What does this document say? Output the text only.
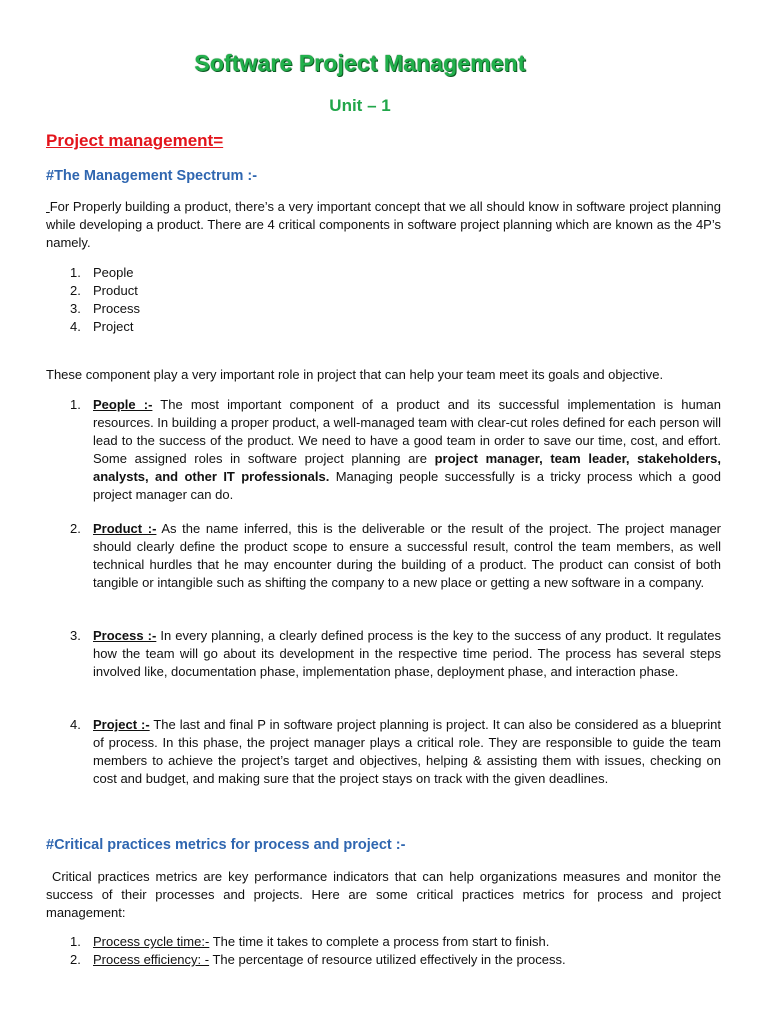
Software Project Management
Unit – 1
Project management=
#The Management Spectrum :-

For Properly building a product, there’s a very important concept that we all should know in software project planning while developing a product. There are 4 critical components in software project planning which are known as the 4P’s namely.

1. People
2. Product
3. Process
4. Project

These component play a very important role in project that can help your team meet its goals and objective.

1. People :- The most important component of a product and its successful implementation is human resources. In building a proper product, a well-managed team with clear-cut roles defined for each person will lead to the success of the product. We need to have a good team in order to save our time, cost, and effort. Some assigned roles in software project planning are project manager, team leader, stakeholders, analysts, and other IT professionals. Managing people successfully is a tricky process which a good project manager can do.
2. Product :- As the name inferred, this is the deliverable or the result of the project. The project manager should clearly define the product scope to ensure a successful result, control the team members, as well technical hurdles that he may encounter during the building of a product. The product can consist of both tangible or intangible such as shifting the company to a new place or getting a new software in a company.
3. Process :- In every planning, a clearly defined process is the key to the success of any product. It regulates how the team will go about its development in the respective time period. The process has several steps involved like, documentation phase, implementation phase, deployment phase, and interaction phase.
4. Project :- The last and final P in software project planning is project. It can also be considered as a blueprint of process. In this phase, the project manager plays a critical role. They are responsible to guide the team members to achieve the project’s target and objectives, helping & assisting them with issues, checking on cost and budget, and making sure that the project stays on track with the given deadlines.
#Critical practices metrics for process and project :-

Critical practices metrics are key performance indicators that can help organizations measures and monitor the success of their processes and projects. Here are some critical practices metrics for process and project management:

1. Process cycle time:- The time it takes to complete a process from start to finish.
2. Process efficiency: - The percentage of resource utilized effectively in the process.
